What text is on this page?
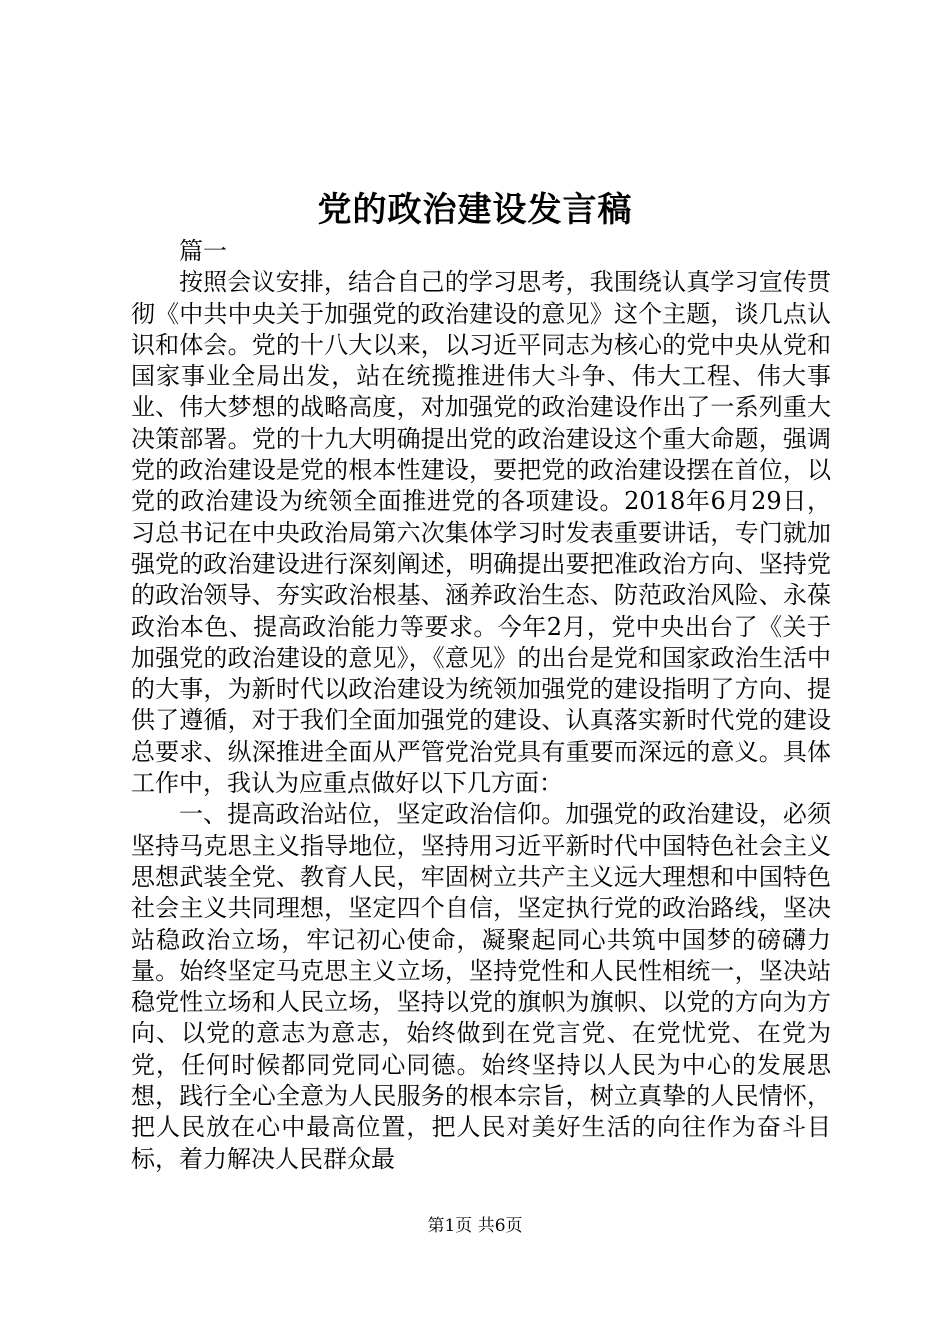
党的政治建设发言稿

篇一

按照会议安排，结合自己的学习思考，我围绕认真学习宣传贯彻《中共中央关于加强党的政治建设的意见》这个主题，谈几点认识和体会。党的十八大以来，以习近平同志为核心的党中央从党和国家事业全局出发，站在统揽推进伟大斗争、伟大工程、伟大事业、伟大梦想的战略高度，对加强党的政治建设作出了一系列重大决策部署。党的十九大明确提出党的政治建设这个重大命题，强调党的政治建设是党的根本性建设，要把党的政治建设摆在首位，以党的政治建设为统领全面推进党的各项建设。2018年6月29日，习总书记在中央政治局第六次集体学习时发表重要讲话，专门就加强党的政治建设进行深刻阐述，明确提出要把准政治方向、坚持党的政治领导、夯实政治根基、涵养政治生态、防范政治风险、永葆政治本色、提高政治能力等要求。今年2月，党中央出台了《关于加强党的政治建设的意见》，《意见》的出台是党和国家政治生活中的大事，为新时代以政治建设为统领加强党的建设指明了方向、提供了遵循，对于我们全面加强党的建设、认真落实新时代党的建设总要求、纵深推进全面从严管党治党具有重要而深远的意义。具体工作中，我认为应重点做好以下几方面：

一、提高政治站位，坚定政治信仰。加强党的政治建设，必须坚持马克思主义指导地位，坚持用习近平新时代中国特色社会主义思想武装全党、教育人民，牢固树立共产主义远大理想和中国特色社会主义共同理想，坚定四个自信，坚定执行党的政治路线，坚决站稳政治立场，牢记初心使命，凝聚起同心共筑中国梦的磅礴力量。始终坚定马克思主义立场，坚持党性和人民性相统一，坚决站稳党性立场和人民立场，坚持以党的旗帜为旗帜、以党的方向为方向、以党的意志为意志，始终做到在党言党、在党忧党、在党为党，任何时候都同党同心同德。始终坚持以人民为中心的发展思想，践行全心全意为人民服务的根本宗旨，树立真挚的人民情怀，把人民放在心中最高位置，把人民对美好生活的向往作为奋斗目标，着力解决人民群众最

第1页 共6页
